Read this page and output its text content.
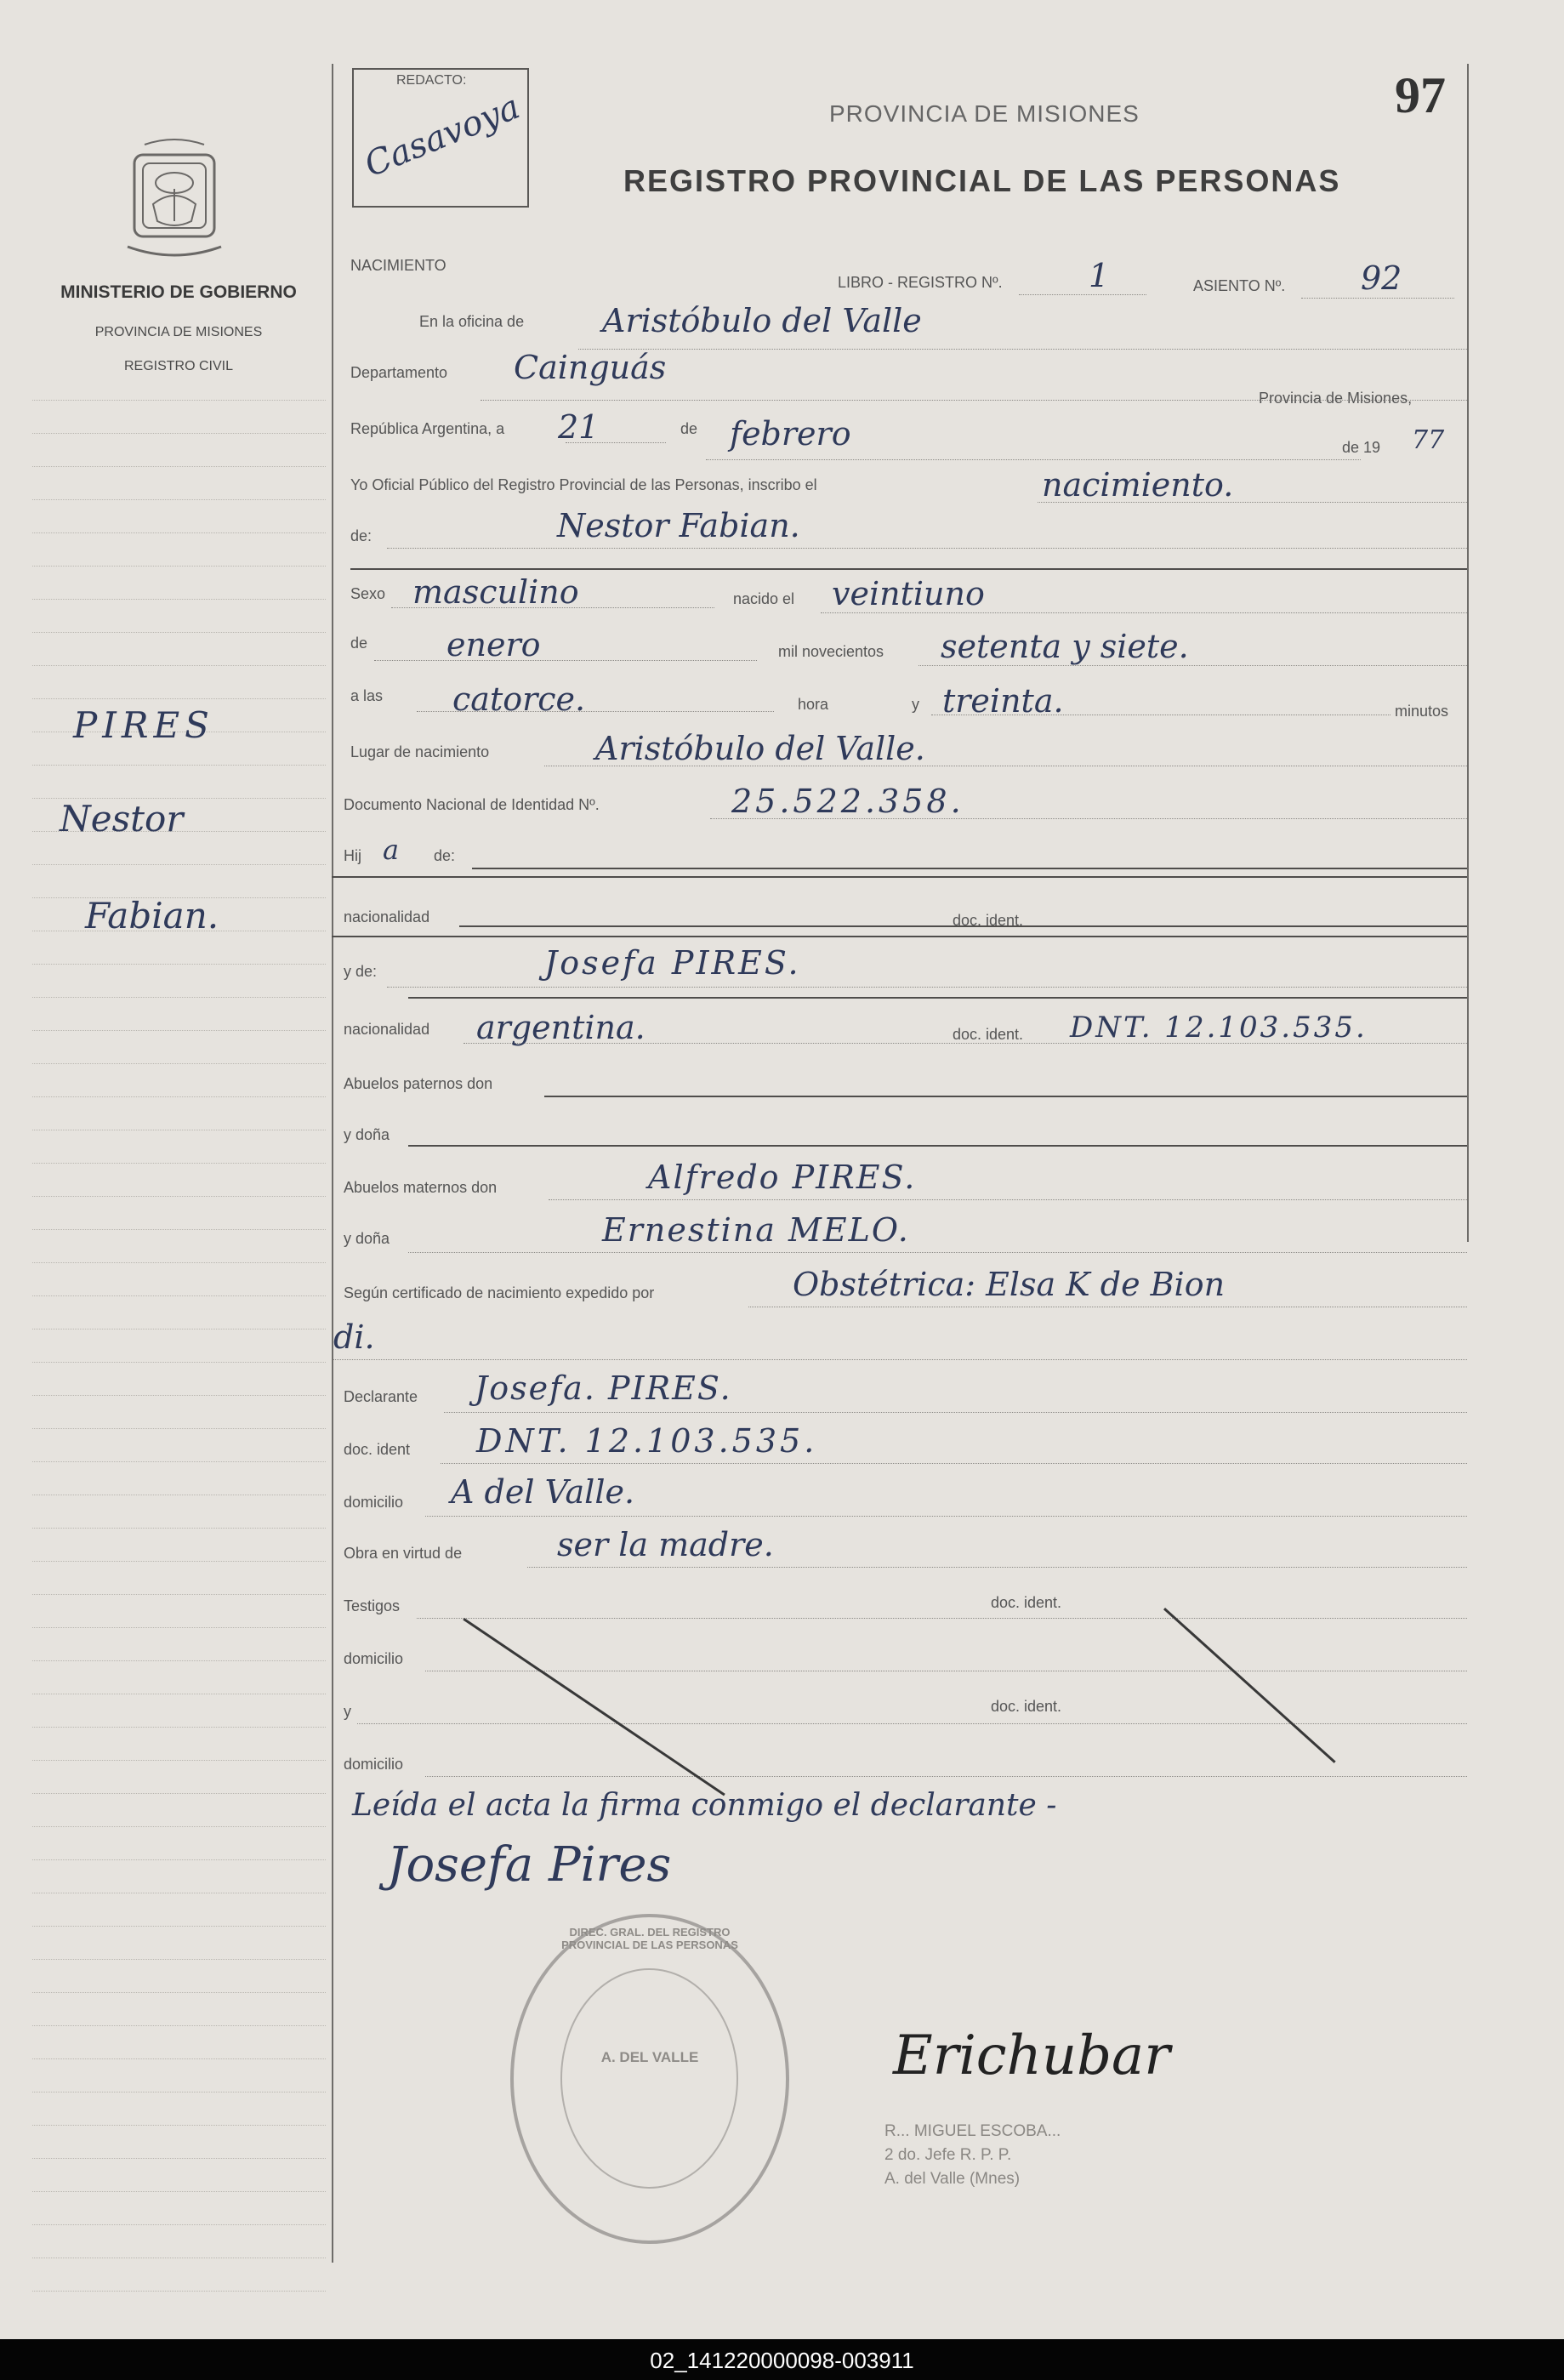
MINISTERIO DE GOBIERNO
PROVINCIA DE MISIONES
REGISTRO CIVIL
PIRES
Nestor
Fabian.
REDACTO:
Casavoya	97
PROVINCIA DE MISIONES
REGISTRO PROVINCIAL DE LAS PERSONAS
NACIMIENTO
LIBRO - REGISTRO Nº.	1	ASIENTO Nº. 92
En la oficina de Aristóbulo del Valle
Departamento Cainguás
Provincia de Misiones,
República Argentina, a 21	de febrero	de 19 77
Yo Oficial Público del Registro Provincial de las Personas, inscribo el	nacimiento.
de:	Nestor Fabian.
Sexo masculino	nacido el veintiuno
de enero	mil novecientos setenta y siete.
a las catorce.	hora	y treinta.	minutos
Lugar de nacimiento	Aristóbulo del Valle.
Documento Nacional de Identidad Nº.	25.522.358.
Hij a de:
nacionalidad	doc. ident.
y de:	Josefa PIRES.
nacionalidad argentina.	doc. ident. DNT. 12.103.535.
Abuelos paternos don
y doña
Abuelos maternos don	Alfredo PIRES.
y doña	Ernestina MELO.
Según certificado de nacimiento expedido por	Obstétrica: Elsa K de Bion
di.
Declarante Josefa. PIRES.
doc. ident DNT. 12.103.535.
domicilio A del Valle.
Obra en virtud de	ser la madre.
Testigos	doc. ident.
domicilio
y	doc. ident.
domicilio
Leída el acta la firma conmigo el declarante -
Josefa Pires
A. DEL VALLE
DIREC. GRAL. DEL REGISTRO PROVINCIAL DE LAS PERSONAS
Erichubar
R... MIGUEL ESCOBA...
2 do. Jefe R. P. P.
A. del Valle (Mnes)
02_141220000098-003911
